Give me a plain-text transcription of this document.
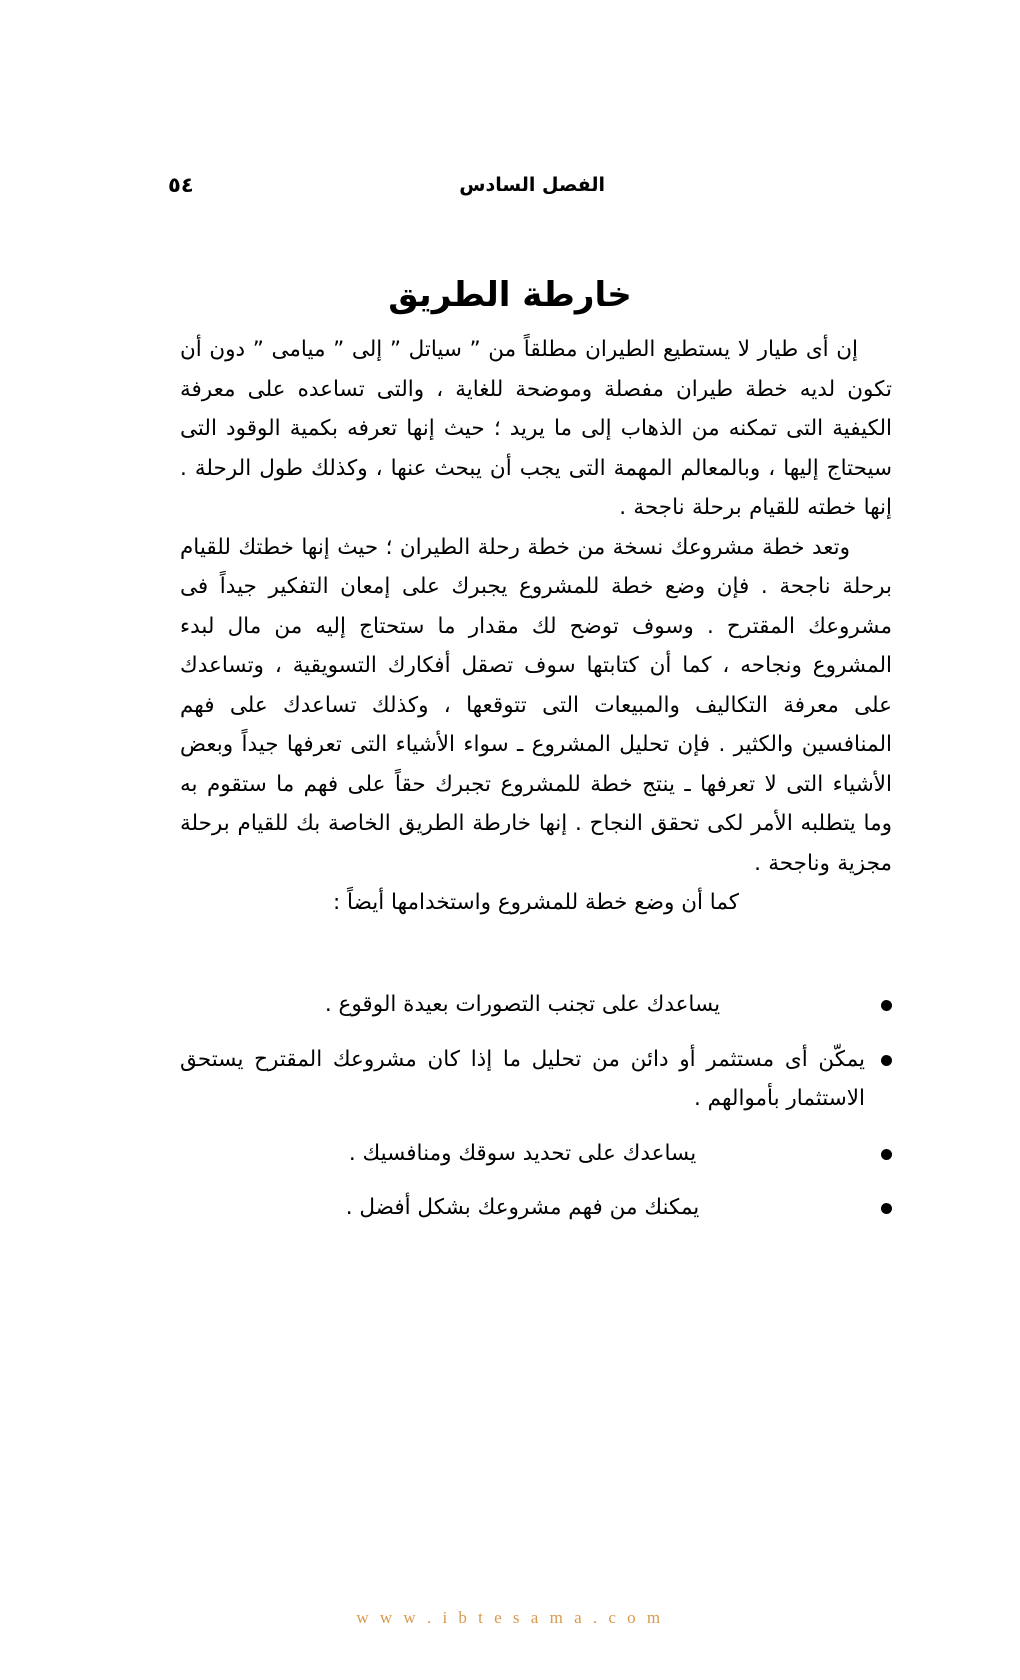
الفصل السادس
٥٤
خارطة الطريق

إن أى طيار لا يستطيع الطيران مطلقاً من ” سياتل ” إلى ” ميامى ” دون أن تكون لديه خطة طيران مفصلة وموضحة للغاية ، والتى تساعده على معرفة الكيفية التى تمكنه من الذهاب إلى ما يريد ؛ حيث إنها تعرفه بكمية الوقود التى سيحتاج إليها ، وبالمعالم المهمة التى يجب أن يبحث عنها ، وكذلك طول الرحلة . إنها خطته للقيام برحلة ناجحة .

وتعد خطة مشروعك نسخة من خطة رحلة الطيران ؛ حيث إنها خطتك للقيام برحلة ناجحة . فإن وضع خطة للمشروع يجبرك على إمعان التفكير جيداً فى مشروعك المقترح . وسوف توضح لك مقدار ما ستحتاج إليه من مال لبدء المشروع ونجاحه ، كما أن كتابتها سوف تصقل أفكارك التسويقية ، وتساعدك على معرفة التكاليف والمبيعات التى تتوقعها ، وكذلك تساعدك على فهم المنافسين والكثير . فإن تحليل المشروع ـ سواء الأشياء التى تعرفها جيداً وبعض الأشياء التى لا تعرفها ـ ينتج خطة للمشروع تجبرك حقاً على فهم ما ستقوم به وما يتطلبه الأمر لكى تحقق النجاح . إنها خارطة الطريق الخاصة بك للقيام برحلة مجزية وناجحة .

كما أن وضع خطة للمشروع واستخدامها أيضاً :

يساعدك على تجنب التصورات بعيدة الوقوع .
يمكّن أى مستثمر أو دائن من تحليل ما إذا كان مشروعك المقترح يستحق الاستثمار بأموالهم .
يساعدك على تحديد سوقك ومنافسيك .
يمكنك من فهم مشروعك بشكل أفضل .
w w w . i b t e s a m a . c o m
